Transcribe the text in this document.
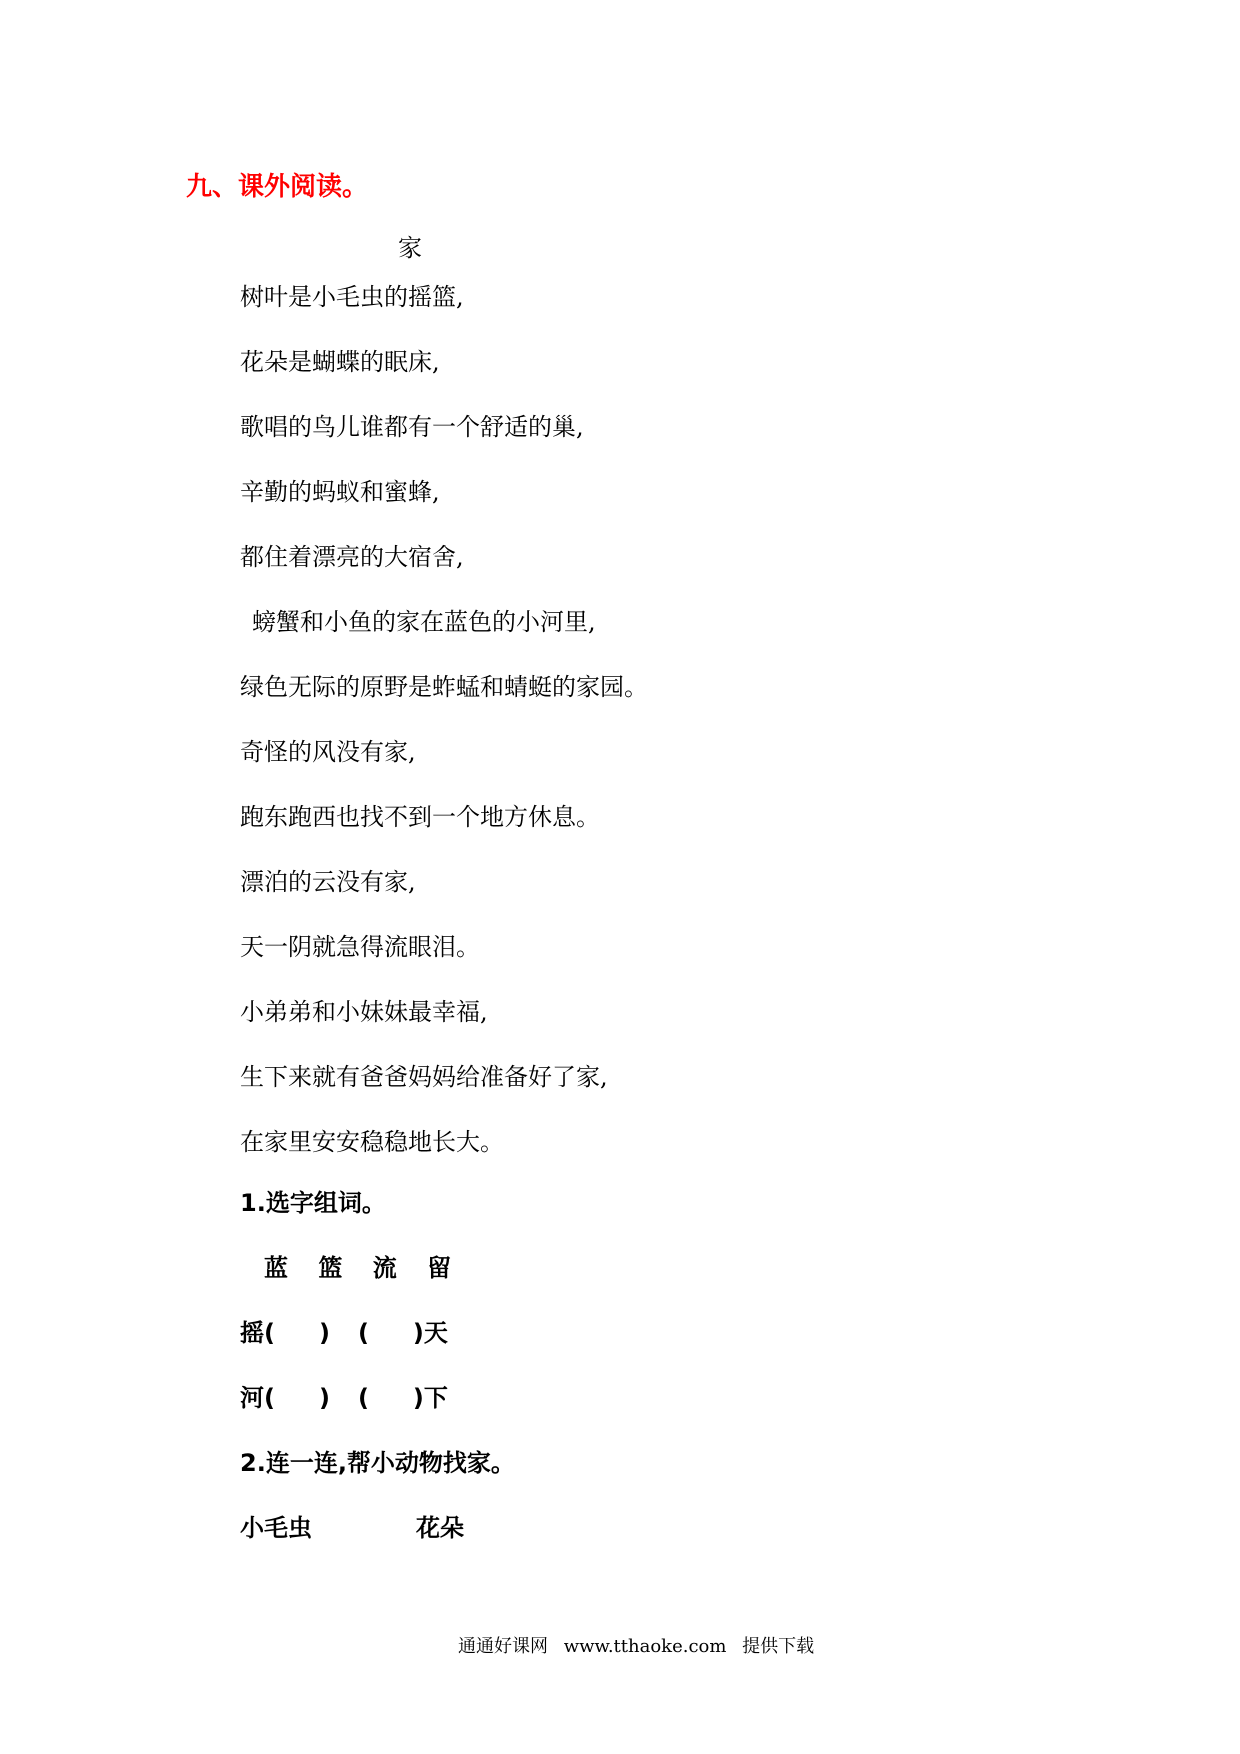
九、课外阅读。
家
树叶是小毛虫的摇篮,
花朵是蝴蝶的眠床,
歌唱的鸟儿谁都有一个舒适的巢,
辛勤的蚂蚁和蜜蜂,
都住着漂亮的大宿舍,
螃蟹和小鱼的家在蓝色的小河里,
绿色无际的原野是蚱蜢和蜻蜓的家园。
奇怪的风没有家,
跑东跑西也找不到一个地方休息。
漂泊的云没有家,
天一阴就急得流眼泪。
小弟弟和小妹妹最幸福,
生下来就有爸爸妈妈给准备好了家,
在家里安安稳稳地长大。
1.选字组词。
蓝 篮 流 留
摇( ) ( )天
河( ) ( )下
2.连一连,帮小动物找家。
小毛虫	花朵
通通好课网 www.tthaoke.com 提供下载
